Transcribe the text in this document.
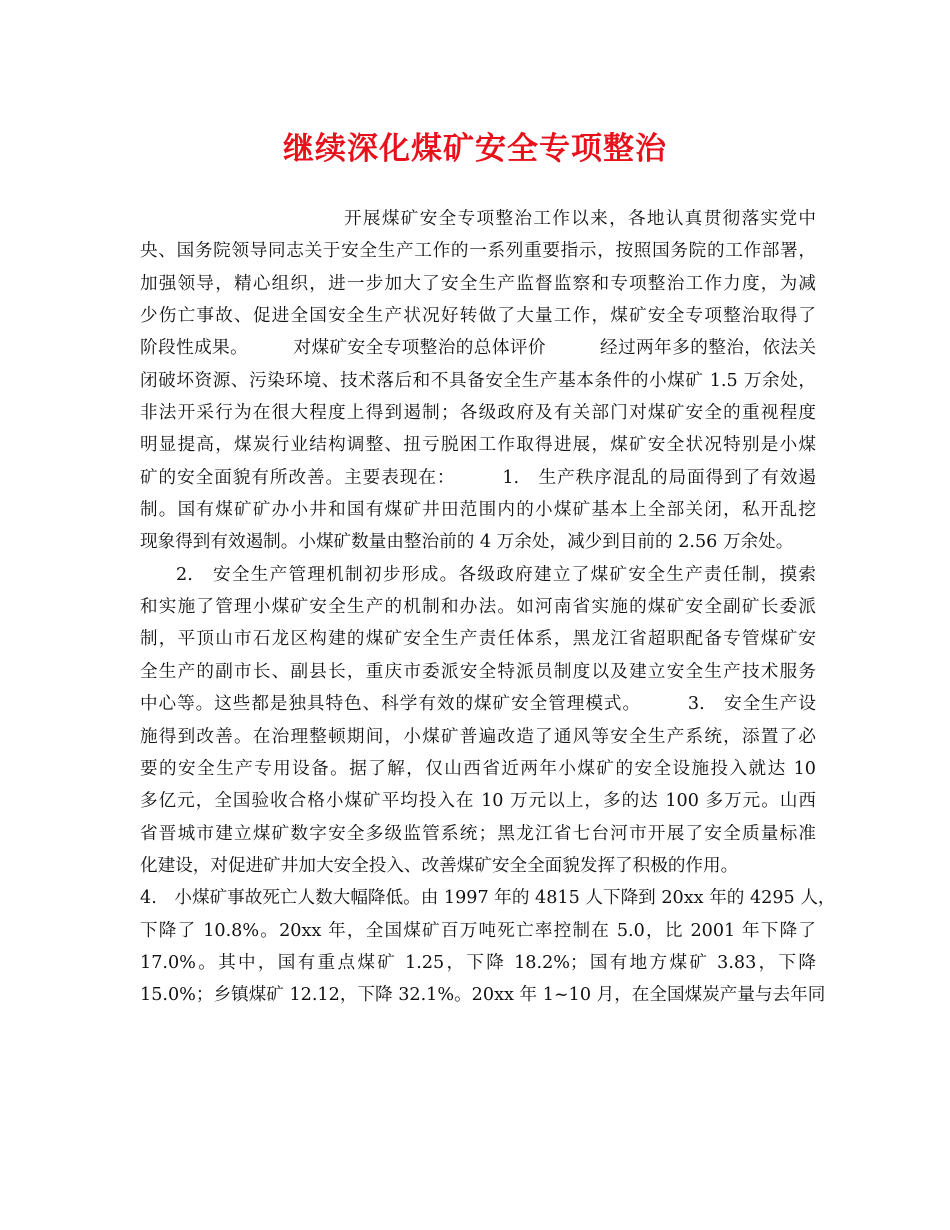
继续深化煤矿安全专项整治
开展煤矿安全专项整治工作以来，各地认真贯彻落实党中
央、国务院领导同志关于安全生产工作的一系列重要指示，按照国务院的工作部署，
加强领导，精心组织，进一步加大了安全生产监督监察和专项整治工作力度，为减
少伤亡事故、促进全国安全生产状况好转做了大量工作，煤矿安全专项整治取得了
阶段性成果。　　　对煤矿安全专项整治的总体评价　　　经过两年多的整治，依法关
闭破坏资源、污染环境、技术落后和不具备安全生产基本条件的小煤矿 1.5 万余处，
非法开采行为在很大程度上得到遏制；各级政府及有关部门对煤矿安全的重视程度
明显提高，煤炭行业结构调整、扭亏脱困工作取得进展，煤矿安全状况特别是小煤
矿的安全面貌有所改善。主要表现在：　　　1.　生产秩序混乱的局面得到了有效遏
制。国有煤矿矿办小井和国有煤矿井田范围内的小煤矿基本上全部关闭，私开乱挖
现象得到有效遏制。小煤矿数量由整治前的 4 万余处，减少到目前的 2.56 万余处。
2.　安全生产管理机制初步形成。各级政府建立了煤矿安全生产责任制，摸索
和实施了管理小煤矿安全生产的机制和办法。如河南省实施的煤矿安全副矿长委派
制，平顶山市石龙区构建的煤矿安全生产责任体系，黑龙江省超职配备专管煤矿安
全生产的副市长、副县长，重庆市委派安全特派员制度以及建立安全生产技术服务
中心等。这些都是独具特色、科学有效的煤矿安全管理模式。　　　3.　安全生产设
施得到改善。在治理整顿期间，小煤矿普遍改造了通风等安全生产系统，添置了必
要的安全生产专用设备。据了解，仅山西省近两年小煤矿的安全设施投入就达 10
多亿元，全国验收合格小煤矿平均投入在 10 万元以上，多的达 100 多万元。山西
省晋城市建立煤矿数字安全多级监管系统；黑龙江省七台河市开展了安全质量标准
化建设，对促进矿井加大安全投入、改善煤矿安全全面貌发挥了积极的作用。
4.　小煤矿事故死亡人数大幅降低。由 1997 年的 4815 人下降到 20xx 年的 4295 人，
下降了 10.8%。20xx 年，全国煤矿百万吨死亡率控制在 5.0，比 2001 年下降了
17.0%。其中，国有重点煤矿 1.25，下降 18.2%；国有地方煤矿 3.83，下降
15.0%；乡镇煤矿 12.12，下降 32.1%。20xx 年 1~10 月，在全国煤炭产量与去年同
